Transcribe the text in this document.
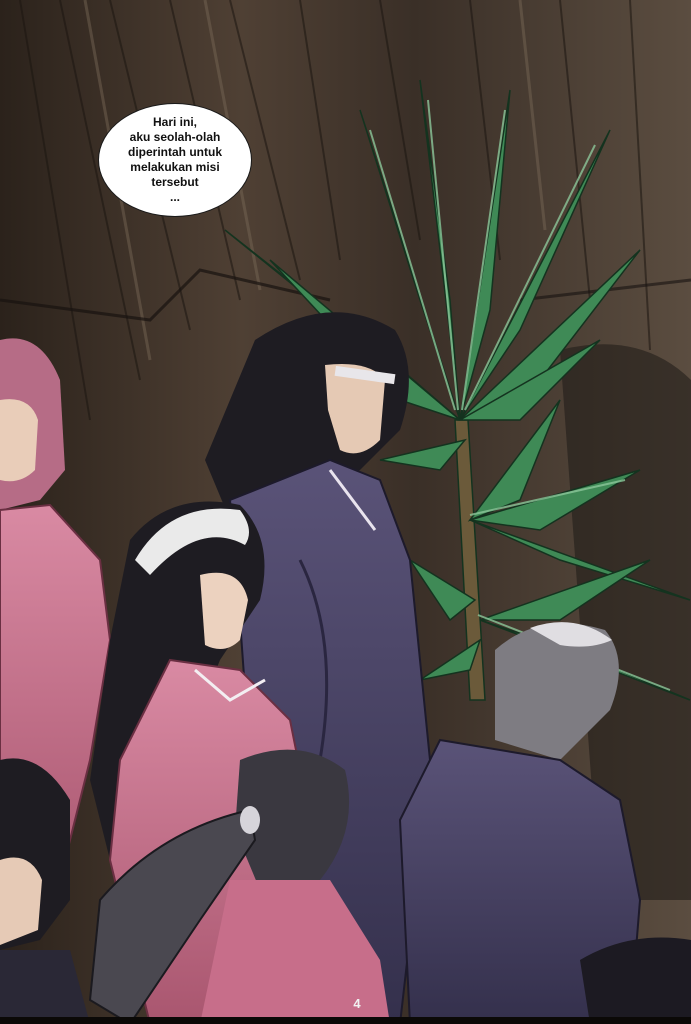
Hari ini,
aku seolah-olah
diperintah untuk
melakukan misi
tersebut
...
4
